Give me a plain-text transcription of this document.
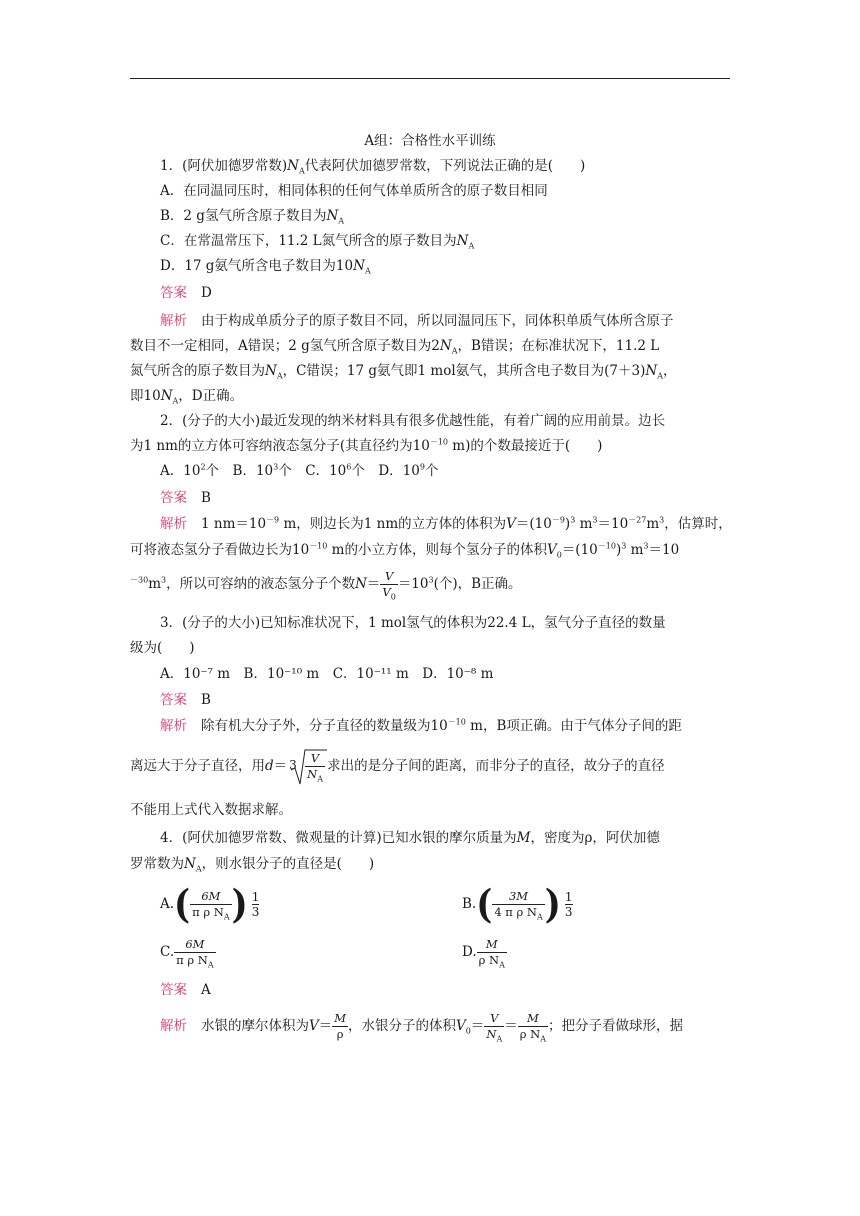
A组：合格性水平训练
1．(阿伏加德罗常数)$N_A$代表阿伏加德罗常数，下列说法正确的是(　　)
A．在同温同压时，相同体积的任何气体单质所含的原子数目相同
B．2 g氢气所含原子数目为$N_A$
C．在常温常压下，11.2 L氮气所含的原子数目为$N_A$
D．17 g氨气所含电子数目为$10N_A$
答案 D
解析 由于构成单质分子的原子数目不同，所以同温同压下，同体积单质气体所含原子
数目不一定相同，A错误；2 g氢气所含原子数目为$2N_A$，B错误；在标准状况下，11.2 L
氮气所含的原子数目为$N_A$，C错误；17 g氨气即1 mol氨气，其所含电子数目为$(7+3)N_A$，
即$10N_A$，D正确。
2．(分子的大小)最近发现的纳米材料具有很多优越性能，有着广阔的应用前景。边长
为1 nm的立方体可容纳液态氢分子(其直径约为$10^{-10}$ m)的个数最接近于(　　)
A．$10^2$个　B．$10^3$个　C．$10^6$个　D．$10^9$个
答案 B
解析 1 $nm=10^{-9}$ m，则边长为1 nm的立方体的体积为$V=(10^{-9})^3$ $m^3=10^{-27}m^3$，估算时，
可将液态氢分子看做边长为$10^{-10}$ m的小立方体，则每个氢分子的体积$V_0=(10^{-10})^3$ $m^3=10$
$^{-30}m^3$，所以可容纳的液态氢分子个数$N= \frac{V}{V_0} =10^3$(个)，B正确。
3．(分子的大小)已知标准状况下，1 mol氢气的体积为22.4 L，氢气分子直径的数量
级为(　　)
A．10⁻⁷ m　B．10⁻¹⁰ m　C．10⁻¹¹ m　D．10⁻⁸ m
答案 B
解析 除有机大分子外，分子直径的数量级为$10^{-10}$ m，B项正确。由于气体分子间的距
离远大于分子直径，用$d= 3 \frac{V}{N_A}$ 求出的是分子间的距离，而非分子的直径，故分子的直径
不能用上式代入数据求解。
4．(阿伏加德罗常数、微观量的计算)已知水银的摩尔质量为M，密度为ρ，阿伏加德
罗常数为$N_A$，则水银分子的直径是(　　)
$A.( \frac{6M}{\pi \rho N_A}$ ) $\frac{1}{3}$	$B.( \frac{3M}{4 \pi \rho N_A}$ ) $\frac{1}{3}$
C. $\frac{6M}{\pi \rho N_A}$	D. $\frac{M}{\rho N_A}$
答案 A
解析 水银的摩尔体积为$V= \frac{M}{\rho}$ ，水银分子的体积$V_0= \frac{V}{N_A} = \frac{M}{\rho N_A}$ ；把分子看做球形，据
